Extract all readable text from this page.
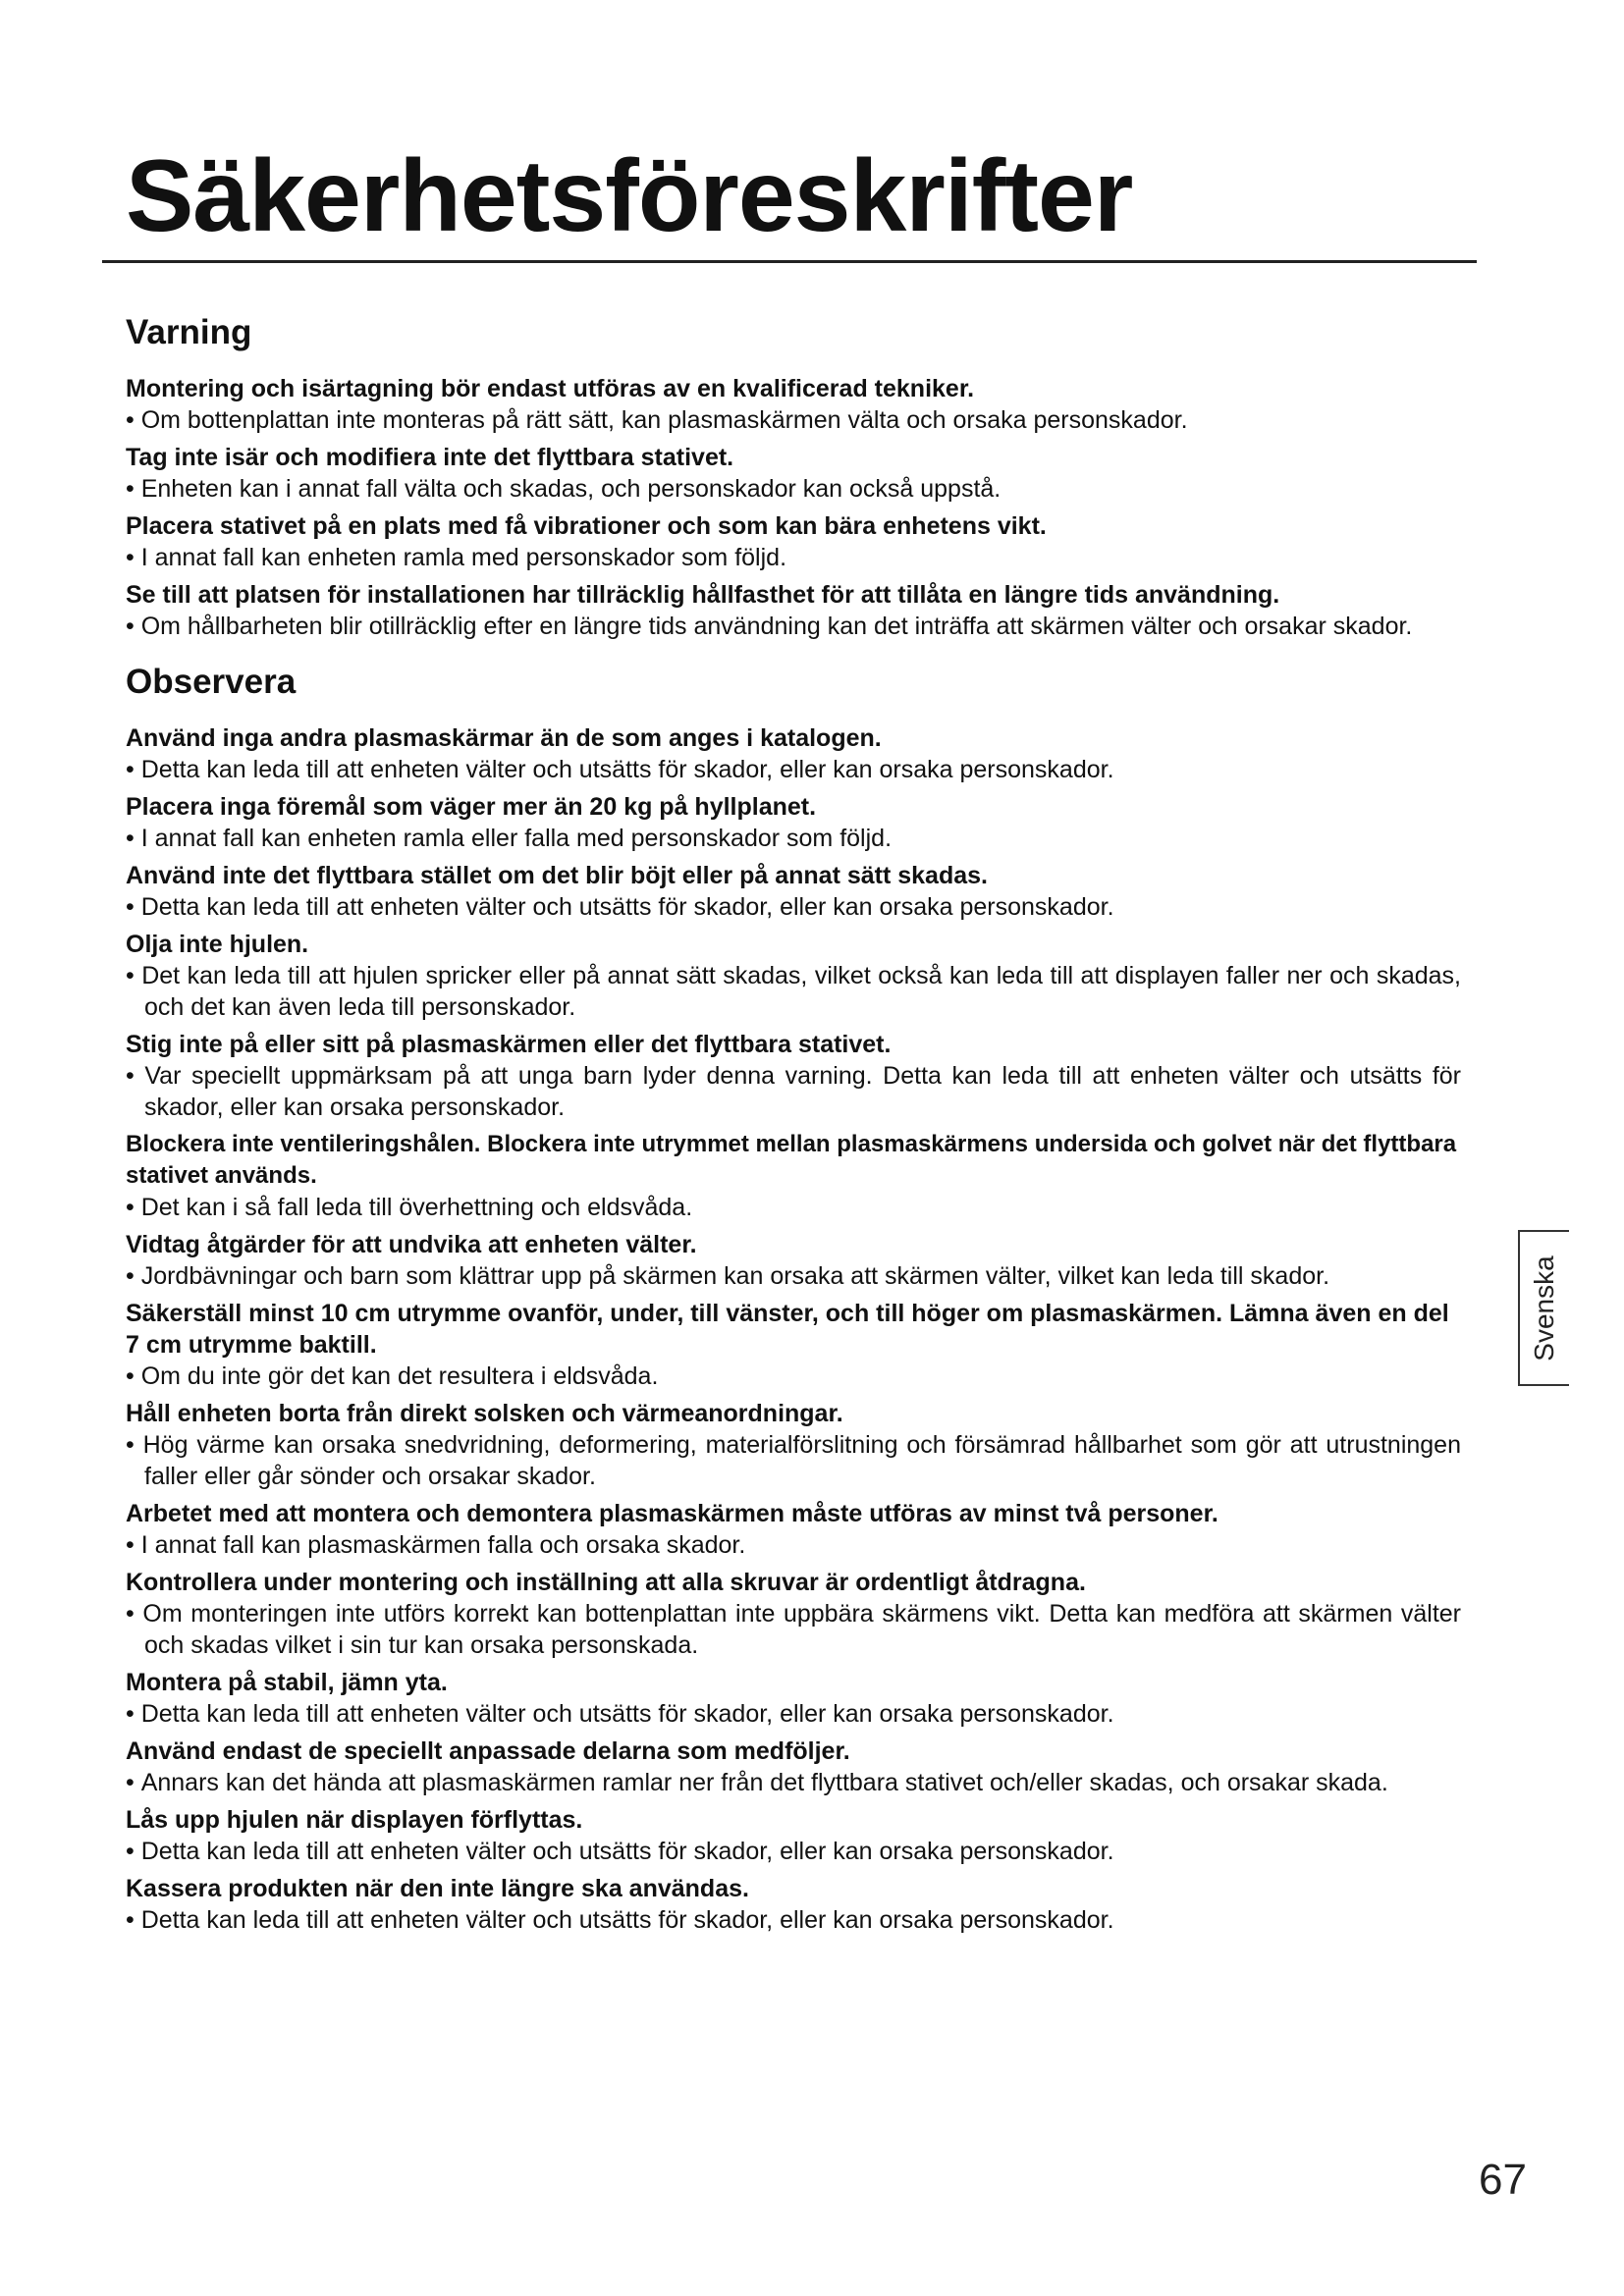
Säkerhetsföreskrifter
Varning

Montering och isärtagning bör endast utföras av en kvalificerad tekniker.

• Om bottenplattan inte monteras på rätt sätt, kan plasmaskärmen välta och orsaka personskador.

Tag inte isär och modifiera inte det flyttbara stativet.

• Enheten kan i annat fall välta och skadas, och personskador kan också uppstå.

Placera stativet på en plats med få vibrationer och som kan bära enhetens vikt.

• I annat fall kan enheten ramla med personskador som följd.

Se till att platsen för installationen har tillräcklig hållfasthet för att tillåta en längre tids användning.

• Om hållbarheten blir otillräcklig efter en längre tids användning kan det inträffa att skärmen välter och orsakar skador.

Observera

Använd inga andra plasmaskärmar än de som anges i katalogen.

• Detta kan leda till att enheten välter och utsätts för skador, eller kan orsaka personskador.

Placera inga föremål som väger mer än 20 kg på hyllplanet.

• I annat fall kan enheten ramla eller falla med personskador som följd.

Använd inte det flyttbara stället om det blir böjt eller på annat sätt skadas.

• Detta kan leda till att enheten välter och utsätts för skador, eller kan orsaka personskador.

Olja inte hjulen.

• Det kan leda till att hjulen spricker eller på annat sätt skadas, vilket också kan leda till att displayen faller ner och skadas, och det kan även leda till personskador.

Stig inte på eller sitt på plasmaskärmen eller det flyttbara stativet.

• Var speciellt uppmärksam på att unga barn lyder denna varning. Detta kan leda till att enheten välter och utsätts för skador, eller kan orsaka personskador.

Blockera inte ventileringshålen. Blockera inte utrymmet mellan plasmaskärmens undersida och golvet när det flyttbara stativet används.

• Det kan i så fall leda till överhettning och eldsvåda.

Vidtag åtgärder för att undvika att enheten välter.

• Jordbävningar och barn som klättrar upp på skärmen kan orsaka att skärmen välter, vilket kan leda till skador.

Säkerställ minst 10 cm utrymme ovanför, under, till vänster, och till höger om plasmaskärmen. Lämna även en del 7 cm utrymme baktill.

• Om du inte gör det kan det resultera i eldsvåda.

Håll enheten borta från direkt solsken och värmeanordningar.

• Hög värme kan orsaka snedvridning, deformering, materialförslitning och försämrad hållbarhet som gör att utrustningen faller eller går sönder och orsakar skador.

Arbetet med att montera och demontera plasmaskärmen måste utföras av minst två personer.

• I annat fall kan plasmaskärmen falla och orsaka skador.

Kontrollera under montering och inställning att alla skruvar är ordentligt åtdragna.

• Om monteringen inte utförs korrekt kan bottenplattan inte uppbära skärmens vikt. Detta kan medföra att skärmen välter och skadas vilket i sin tur kan orsaka personskada.

Montera på stabil, jämn yta.

• Detta kan leda till att enheten välter och utsätts för skador, eller kan orsaka personskador.

Använd endast de speciellt anpassade delarna som medföljer.

• Annars kan det hända att plasmaskärmen ramlar ner från det flyttbara stativet och/eller skadas, och orsakar skada.

Lås upp hjulen när displayen förflyttas.

• Detta kan leda till att enheten välter och utsätts för skador, eller kan orsaka personskador.

Kassera produkten när den inte längre ska användas.

• Detta kan leda till att enheten välter och utsätts för skador, eller kan orsaka personskador.

Svenska
67
